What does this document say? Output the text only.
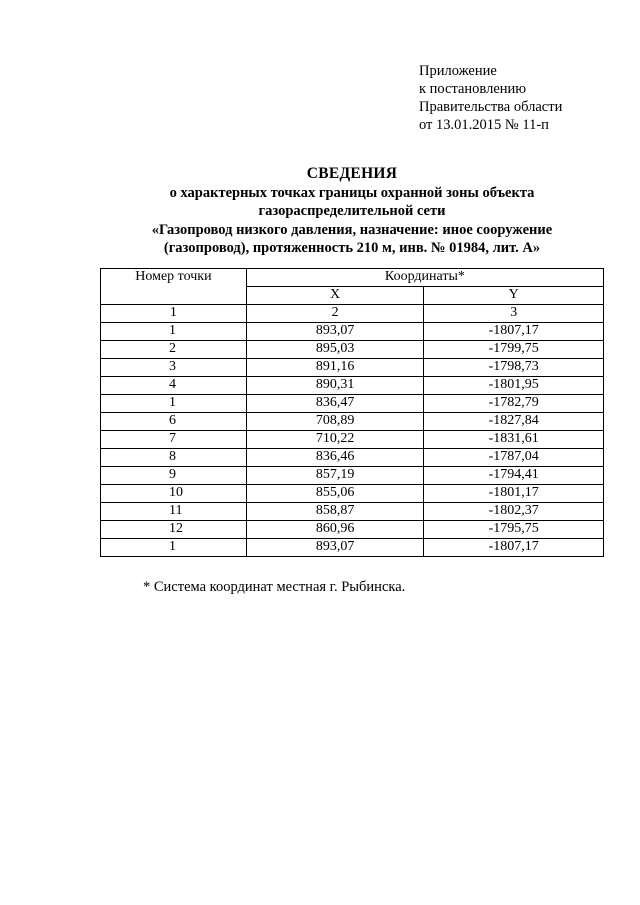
Приложение
к постановлению
Правительства области
от 13.01.2015 № 11-п
СВЕДЕНИЯ
о характерных точках границы охранной зоны объекта
газораспределительной сети
«Газопровод низкого давления, назначение: иное сооружение
(газопровод), протяженность 210 м, инв. № 01984, лит. А»
Номер точки	Координаты*	
	X	Y
1	2	3
1	893,07	-1807,17
2	895,03	-1799,75
3	891,16	-1798,73
4	890,31	-1801,95
1	836,47	-1782,79
6	708,89	-1827,84
7	710,22	-1831,61
8	836,46	-1787,04
9	857,19	-1794,41
10	855,06	-1801,17
11	858,87	-1802,37
12	860,96	-1795,75
1	893,07	-1807,17
* Система координат местная г. Рыбинска.
